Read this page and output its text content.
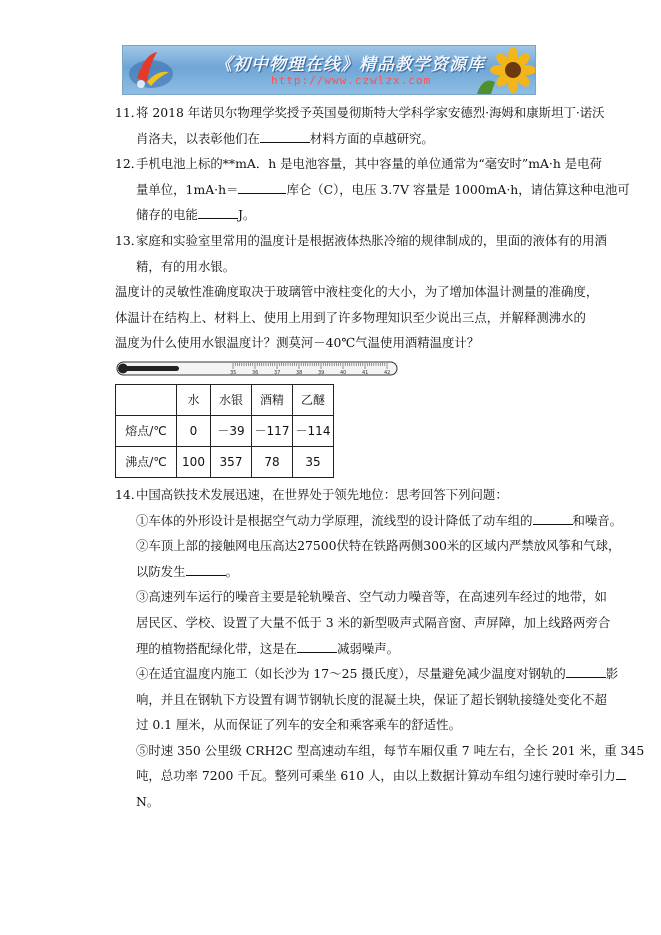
《初中物理在线》精品教学资源库
http://www.czwlzx.com
11．
将 2018 年诺贝尔物理学奖授予英国曼彻斯特大学科学家安德烈·海姆和康斯坦丁·诺沃
肖洛夫，以表彰他们在	材料方面的卓越研究。
12．
手机电池上标的**mA．h 是电池容量，其中容量的单位通常为“毫安时”mA·h 是电荷
量单位，1mA·h＝	库仑（C），电压 3.7V 容量是 1000mA·h，请估算这种电池可
储存的电能	J。
13．
家庭和实验室里常用的温度计是根据液体热胀冷缩的规律制成的，里面的液体有的用酒
精，有的用水银。
温度计的灵敏性准确度取决于玻璃管中液柱变化的大小，为了增加体温计测量的准确度，
体温计在结构上、材料上、使用上用到了许多物理知识至少说出三点，并解释测沸水的
温度为什么使用水银温度计？测莫河－40℃气温使用酒精温度计？
35	36	37	38	39	40	41	42
	水	水银	酒精	乙醚
熔点/℃	0	－39	－117	－114
沸点/℃	100	357	78	35
14．
中国高铁技术发展迅速，在世界处于领先地位：思考回答下列问题：
①车体的外形设计是根据空气动力学原理，流线型的设计降低了动车组的	和噪音。
②车顶上部的接触网电压高达27500伏特在铁路两侧300米的区域内严禁放风筝和气球，
以防发生	。
③高速列车运行的噪音主要是轮轨噪音、空气动力噪音等，在高速列车经过的地带，如
居民区、学校、设置了大量不低于 3 米的新型吸声式隔音窗、声屏障，加上线路两旁合
理的植物搭配绿化带，这是在	减弱噪声。
④在适宜温度内施工（如长沙为 17～25 摄氏度），尽量避免减少温度对钢轨的	影
响，并且在钢轨下方设置有调节钢轨长度的混凝土块，保证了超长钢轨接缝处变化不超
过 0.1 厘米，从而保证了列车的安全和乘客乘车的舒适性。
⑤时速 350 公里级 CRH2C 型高速动车组，每节车厢仅重 7 吨左右，全长 201 米，重 345
吨，总功率 7200 千瓦。整列可乘坐 610 人，由以上数据计算动车组匀速行驶时牵引力
N。
